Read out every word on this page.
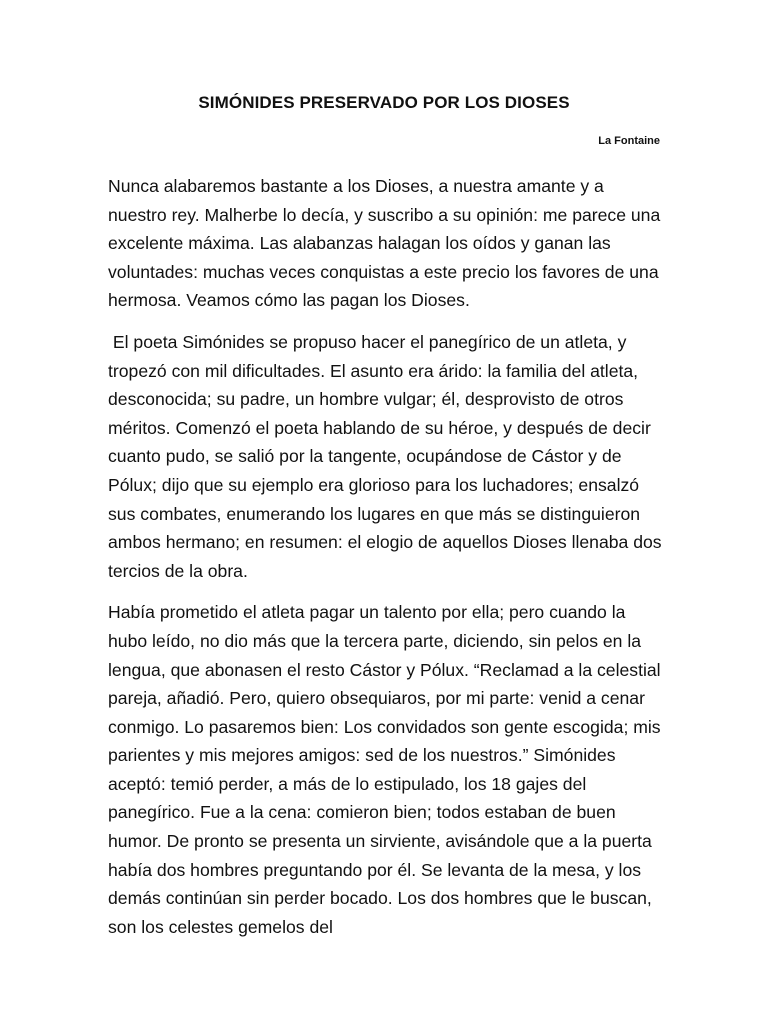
SIMÓNIDES PRESERVADO POR LOS DIOSES

La Fontaine

Nunca alabaremos bastante a los Dioses, a nuestra amante y a nuestro rey. Malherbe lo decía, y suscribo a su opinión: me parece una excelente máxima. Las alabanzas halagan los oídos y ganan las voluntades: muchas veces conquistas a este precio los favores de una hermosa. Veamos cómo las pagan los Dioses.

El poeta Simónides se propuso hacer el panegírico de un atleta, y tropezó con mil dificultades. El asunto era árido: la familia del atleta, desconocida; su padre, un hombre vulgar; él, desprovisto de otros méritos. Comenzó el poeta hablando de su héroe, y después de decir cuanto pudo, se salió por la tangente, ocupándose de Cástor y de Pólux; dijo que su ejemplo era glorioso para los luchadores; ensalzó sus combates, enumerando los lugares en que más se distinguieron ambos hermano; en resumen: el elogio de aquellos Dioses llenaba dos tercios de la obra.

Había prometido el atleta pagar un talento por ella; pero cuando la hubo leído, no dio más que la tercera parte, diciendo, sin pelos en la lengua, que abonasen el resto Cástor y Pólux. “Reclamad a la celestial pareja, añadió. Pero, quiero obsequiaros, por mi parte: venid a cenar conmigo. Lo pasaremos bien: Los convidados son gente escogida; mis parientes y mis mejores amigos: sed de los nuestros.” Simónides aceptó: temió perder, a más de lo estipulado, los 18 gajes del panegírico. Fue a la cena: comieron bien; todos estaban de buen humor. De pronto se presenta un sirviente, avisándole que a la puerta había dos hombres preguntando por él. Se levanta de la mesa, y los demás continúan sin perder bocado. Los dos hombres que le buscan, son los celestes gemelos del
